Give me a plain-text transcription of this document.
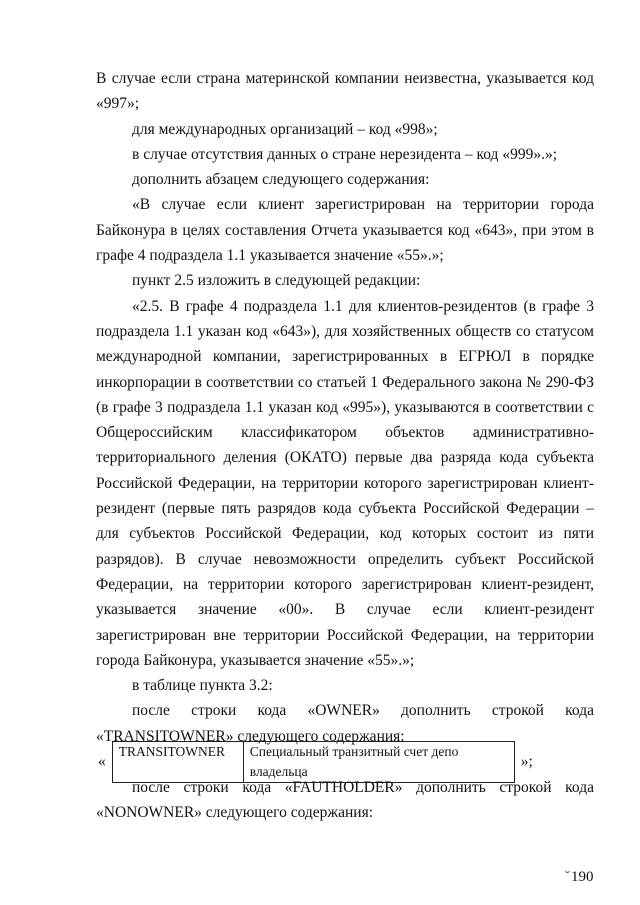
В случае если страна материнской компании неизвестна, указывается код «997»;

для международных организаций – код «998»;

в случае отсутствия данных о стране нерезидента – код «999».»;

дополнить абзацем следующего содержания:

«В случае если клиент зарегистрирован на территории города Байконура в целях составления Отчета указывается код «643», при этом в графе 4 подраздела 1.1 указывается значение «55».»;

пункт 2.5 изложить в следующей редакции:

«2.5. В графе 4 подраздела 1.1 для клиентов-резидентов (в графе 3 подраздела 1.1 указан код «643»), для хозяйственных обществ со статусом международной компании, зарегистрированных в ЕГРЮЛ в порядке инкорпорации в соответствии со статьей 1 Федерального закона № 290-ФЗ (в графе 3 подраздела 1.1 указан код «995»), указываются в соответствии с Общероссийским классификатором объектов административно-территориального деления (ОКАТО) первые два разряда кода субъекта Российской Федерации, на территории которого зарегистрирован клиент-резидент (первые пять разрядов кода субъекта Российской Федерации – для субъектов Российской Федерации, код которых состоит из пяти разрядов). В случае невозможности определить субъект Российской Федерации, на территории которого зарегистрирован клиент-резидент, указывается значение «00». В случае если клиент-резидент зарегистрирован вне территории Российской Федерации, на территории города Байконура, указывается значение «55».»;

в таблице пункта 3.2:

после строки кода «OWNER» дополнить строкой кода «TRANSITOWNER» следующего содержания:

«
TRANSITOWNER	Специальный транзитный счет депо владельца
»;

после строки кода «FAUTHOLDER» дополнить строкой кода «NONOWNER» следующего содержания:

ˇ190
